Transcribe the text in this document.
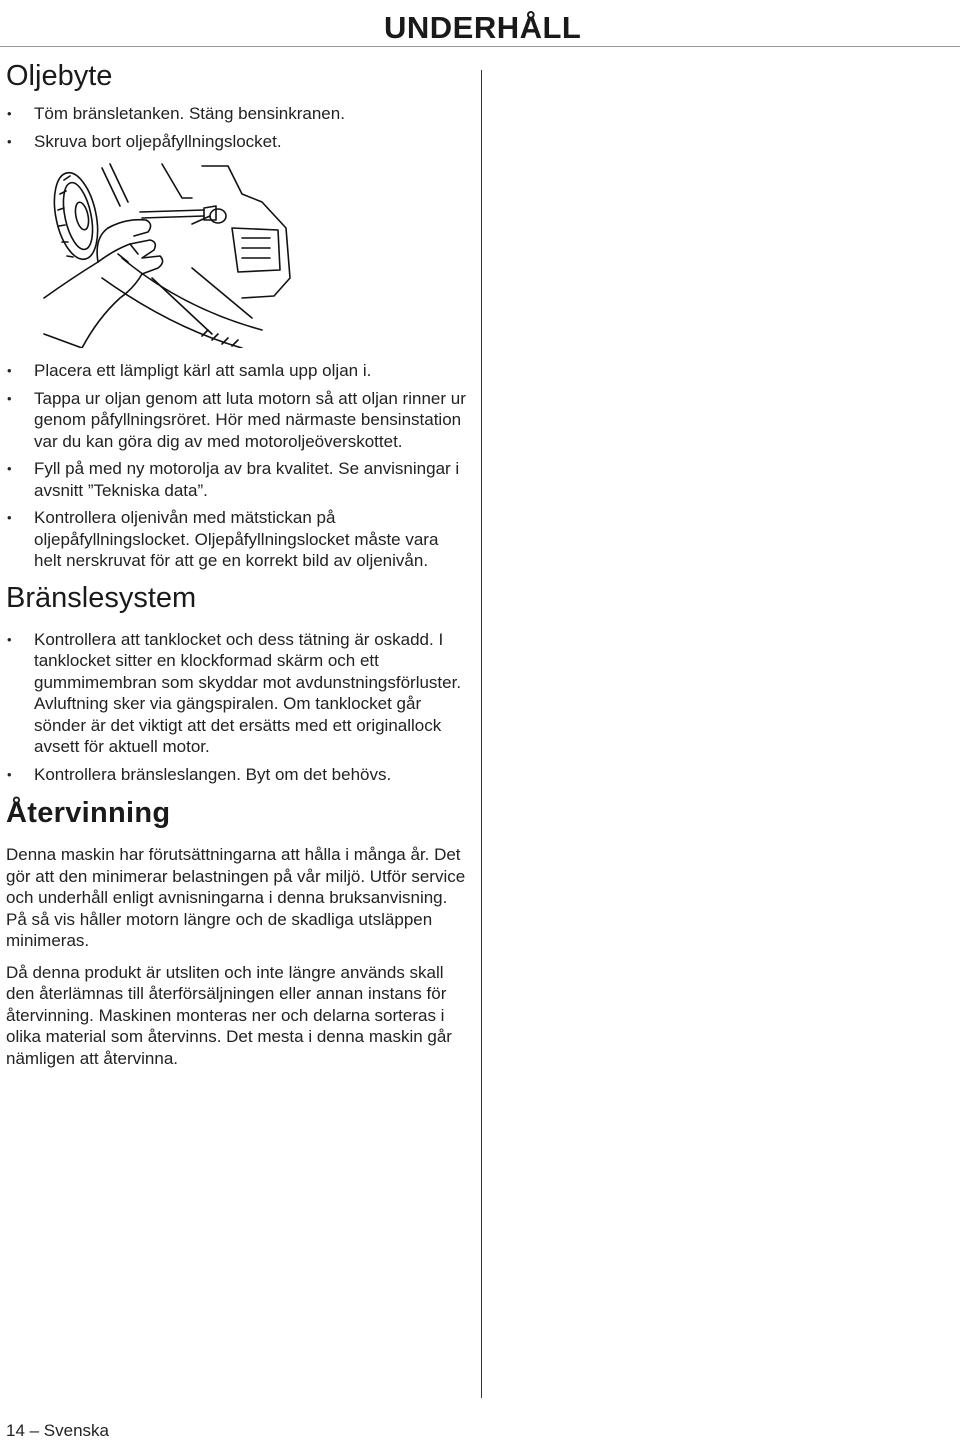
UNDERHÅLL
Oljebyte
• Töm bränsletanken. Stäng bensinkranen.
• Skruva bort oljepåfyllningslocket.
• Placera ett lämpligt kärl att samla upp oljan i.
• Tappa ur oljan genom att luta motorn så att oljan rinner ur genom påfyllningsröret. Hör med närmaste bensinstation var du kan göra dig av med motoroljeöverskottet.
• Fyll på med ny motorolja av bra kvalitet. Se anvisningar i avsnitt ”Tekniska data”.
• Kontrollera oljenivån med mätstickan på oljepåfyllningslocket. Oljepåfyllningslocket måste vara helt nerskruvat för att ge en korrekt bild av oljenivån.
Bränslesystem
• Kontrollera att tanklocket och dess tätning är oskadd. I tanklocket sitter en klockformad skärm och ett gummimembran som skyddar mot avdunstningsförluster. Avluftning sker via gängspiralen. Om tanklocket går sönder är det viktigt att det ersätts med ett originallock avsett för aktuell motor.
• Kontrollera bränsleslangen. Byt om det behövs.
Återvinning

Denna maskin har förutsättningarna att hålla i många år. Det gör att den minimerar belastningen på vår miljö. Utför service och underhåll enligt avnisningarna i denna bruksanvisning. På så vis håller motorn längre och de skadliga utsläppen minimeras.

Då denna produkt är utsliten och inte längre används skall den återlämnas till återförsäljningen eller annan instans för återvinning. Maskinen monteras ner och delarna sorteras i olika material som återvinns. Det mesta i denna maskin går nämligen att återvinna.

14 – Svenska
